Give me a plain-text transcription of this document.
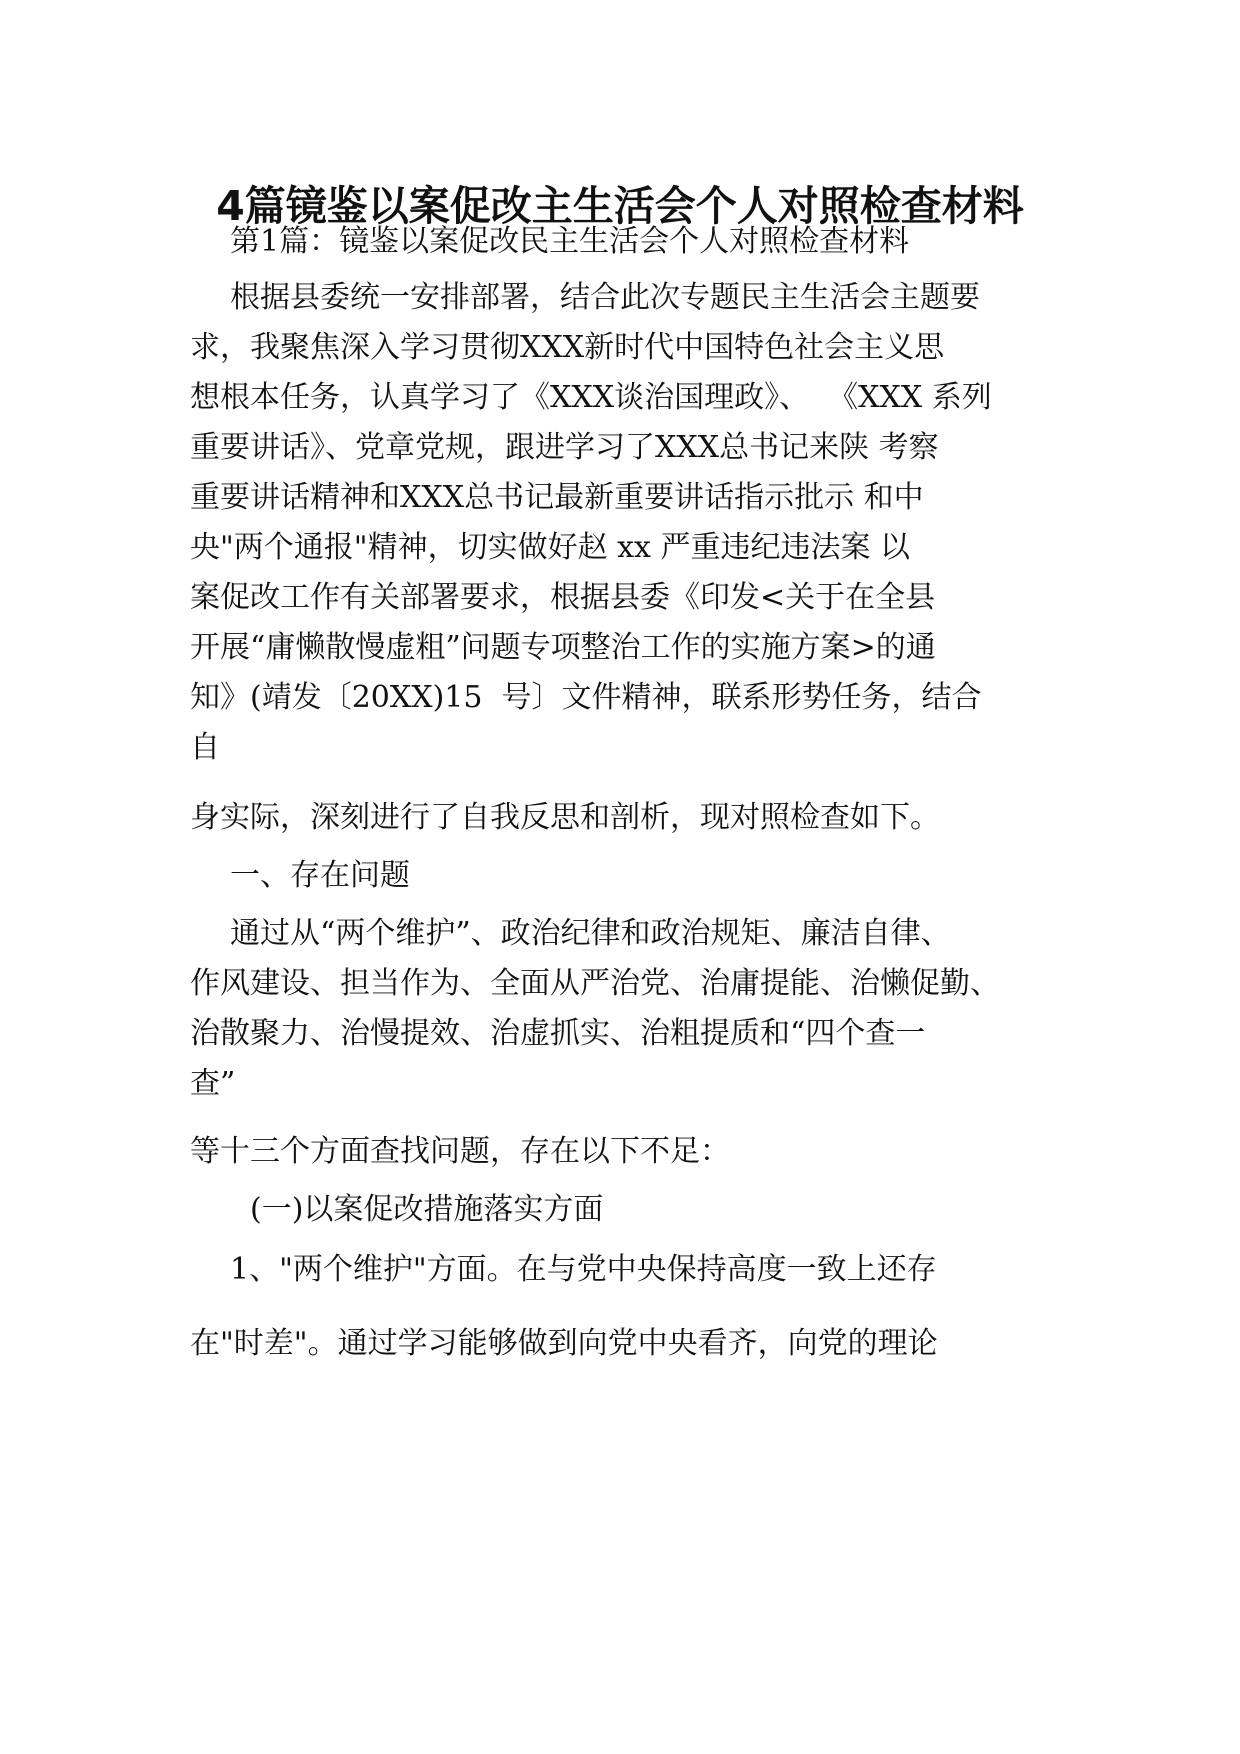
4篇镜鉴以案促改主生活会个人对照检查材料
第1篇：镜鉴以案促改民主生活会个人对照检查材料
根据县委统一安排部署，结合此次专题民主生活会主题要
求，我聚焦深入学习贯彻XXX新时代中国特色社会主义思
想根本任务，认真学习了《XXX谈治国理政》、  《XXX 系列
重要讲话》、党章党规，跟进学习了XXX总书记来陕 考察
重要讲话精神和XXX总书记最新重要讲话指示批示 和中
央"两个通报"精神，切实做好赵 xx 严重违纪违法案 以
案促改工作有关部署要求，根据县委《印发<关于在全县
开展“庸懒散慢虚粗”问题专项整治工作的实施方案>的通
知》(靖发〔20XX)15  号〕文件精神，联系形势任务，结合
自
身实际，深刻进行了自我反思和剖析，现对照检查如下。
一、存在问题
通过从“两个维护”、政治纪律和政治规矩、廉洁自律、
作风建设、担当作为、全面从严治党、治庸提能、治懒促勤、
治散聚力、治慢提效、治虚抓实、治粗提质和“四个查一
查”
等十三个方面查找问题，存在以下不足：
(一)以案促改措施落实方面
1、"两个维护"方面。在与党中央保持高度一致上还存
在"时差"。通过学习能够做到向党中央看齐，向党的理论
